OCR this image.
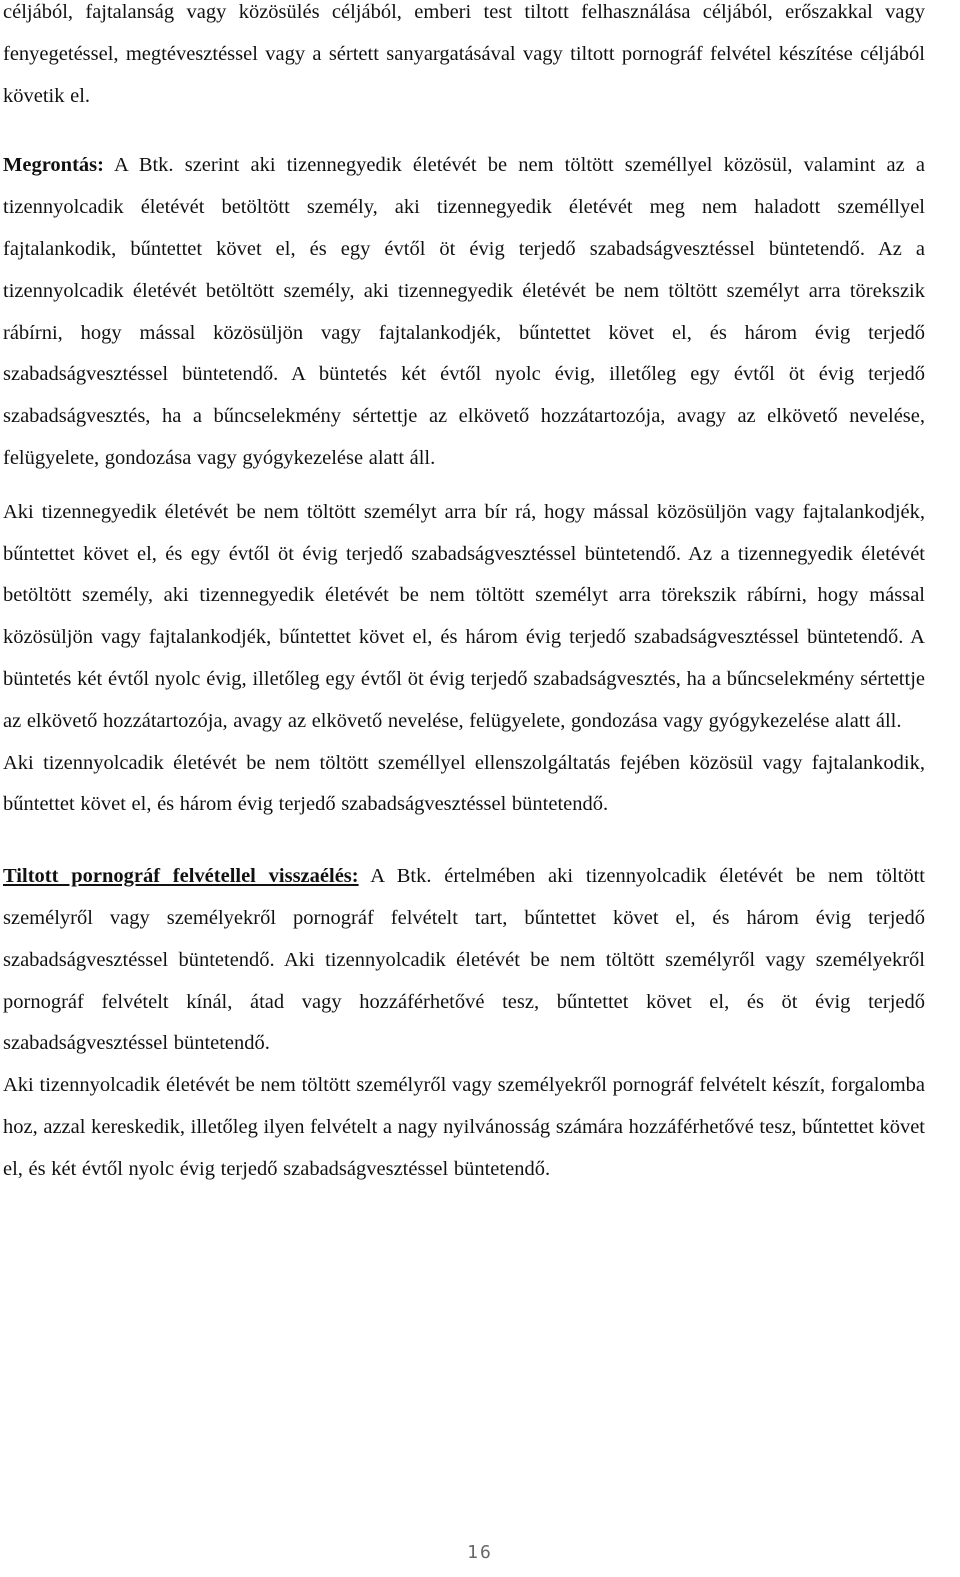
céljából, fajtalanság vagy közösülés céljából, emberi test tiltott felhasználása céljából, erőszakkal vagy fenyegetéssel, megtévesztéssel vagy a sértett sanyargatásával vagy tiltott pornográf felvétel készítése céljából követik el.

Megrontás: A Btk. szerint aki tizennegyedik életévét be nem töltött személlyel közösül, valamint az a tizennyolcadik életévét betöltött személy, aki tizennegyedik életévét meg nem haladott személlyel fajtalankodik, bűntettet követ el, és egy évtől öt évig terjedő szabadságvesztéssel büntetendő. Az a tizennyolcadik életévét betöltött személy, aki tizennegyedik életévét be nem töltött személyt arra törekszik rábírni, hogy mással közösüljön vagy fajtalankodjék, bűntettet követ el, és három évig terjedő szabadságvesztéssel büntetendő. A büntetés két évtől nyolc évig, illetőleg egy évtől öt évig terjedő szabadságvesztés, ha a bűncselekmény sértettje az elkövető hozzátartozója, avagy az elkövető nevelése, felügyelete, gondozása vagy gyógykezelése alatt áll.

Aki tizennegyedik életévét be nem töltött személyt arra bír rá, hogy mással közösüljön vagy fajtalankodjék, bűntettet követ el, és egy évtől öt évig terjedő szabadságvesztéssel büntetendő. Az a tizennegyedik életévét betöltött személy, aki tizennegyedik életévét be nem töltött személyt arra törekszik rábírni, hogy mással közösüljön vagy fajtalankodjék, bűntettet követ el, és három évig terjedő szabadságvesztéssel büntetendő. A büntetés két évtől nyolc évig, illetőleg egy évtől öt évig terjedő szabadságvesztés, ha a bűncselekmény sértettje az elkövető hozzátartozója, avagy az elkövető nevelése, felügyelete, gondozása vagy gyógykezelése alatt áll.

Aki tizennyolcadik életévét be nem töltött személlyel ellenszolgáltatás fejében közösül vagy fajtalankodik, bűntettet követ el, és három évig terjedő szabadságvesztéssel büntetendő.

Tiltott pornográf felvétellel visszaélés: A Btk. értelmében aki tizennyolcadik életévét be nem töltött személyről vagy személyekről pornográf felvételt tart, bűntettet követ el, és három évig terjedő szabadságvesztéssel büntetendő. Aki tizennyolcadik életévét be nem töltött személyről vagy személyekről pornográf felvételt kínál, átad vagy hozzáférhetővé tesz, bűntettet követ el, és öt évig terjedő szabadságvesztéssel büntetendő.

Aki tizennyolcadik életévét be nem töltött személyről vagy személyekről pornográf felvételt készít, forgalomba hoz, azzal kereskedik, illetőleg ilyen felvételt a nagy nyilvánosság számára hozzáférhetővé tesz, bűntettet követ el, és két évtől nyolc évig terjedő szabadságvesztéssel büntetendő.

16
